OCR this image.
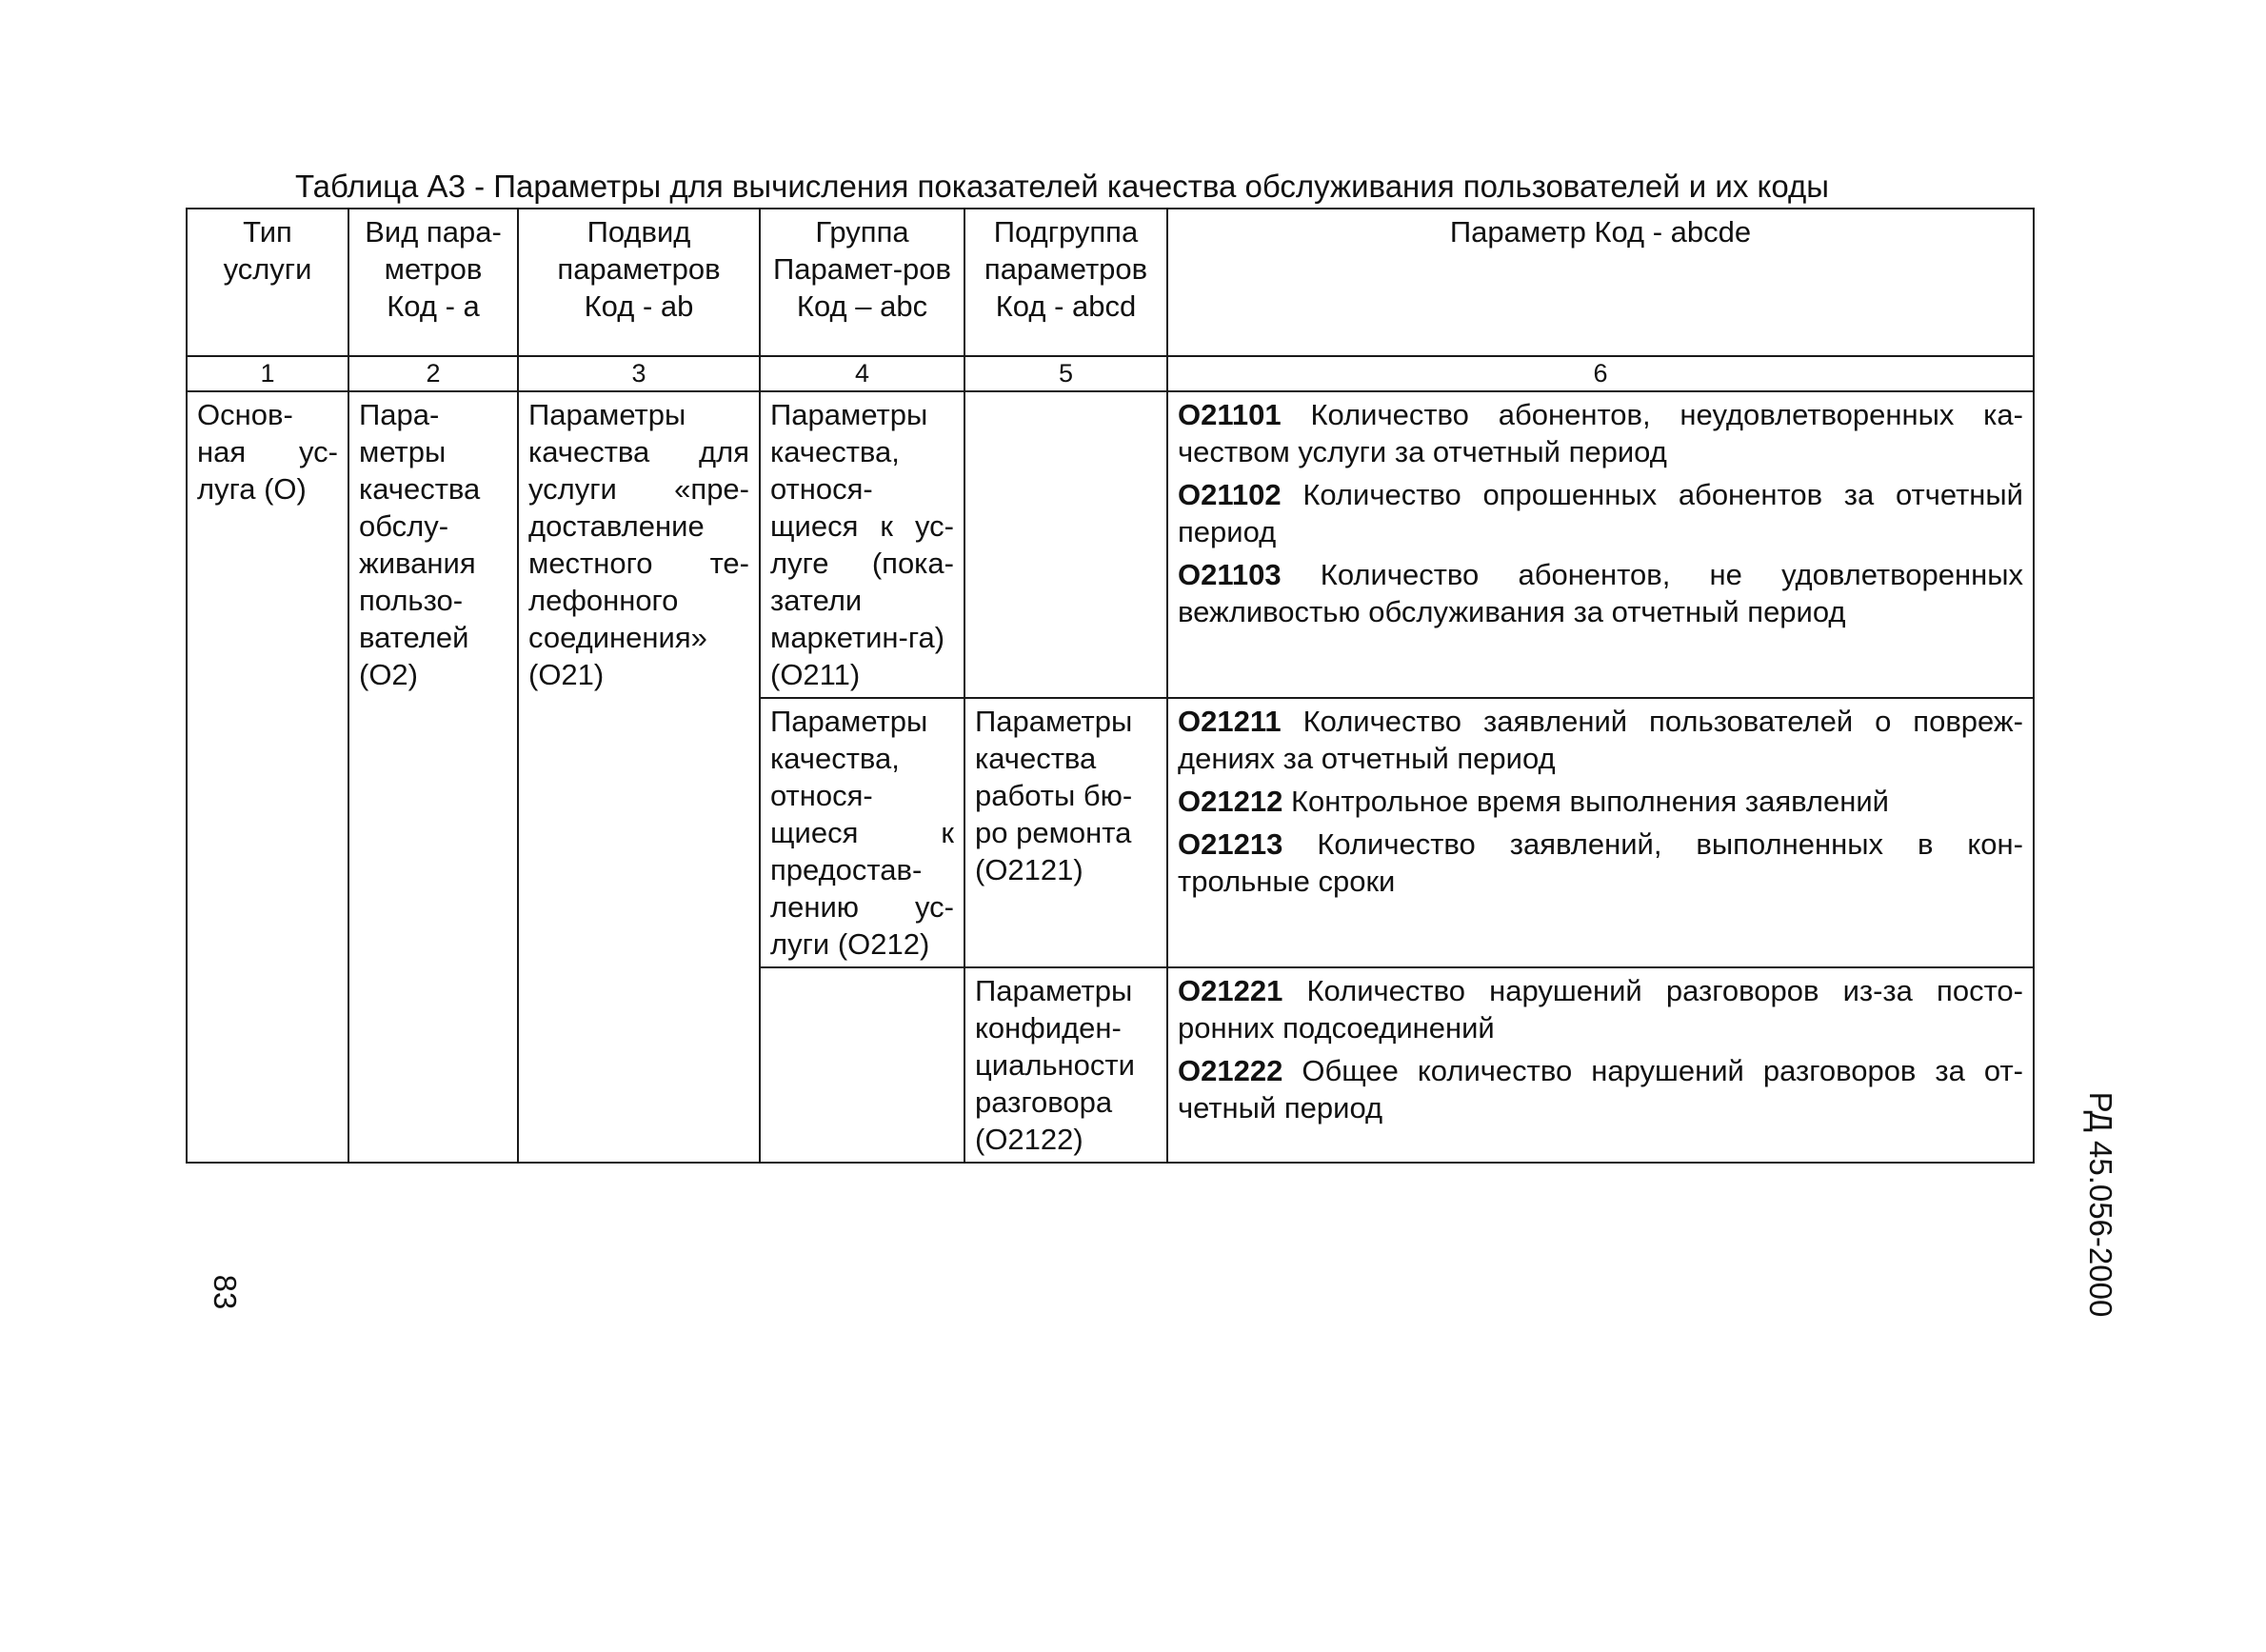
Таблица А3 - Параметры для вычисления показателей качества обслуживания пользователей и их коды
Тип услуги	Вид пара-метров Код - a	Подвид параметров Код - ab	Группа Парамет-ров Код – abc	Подгруппа параметров Код - abcd	Параметр Код - abcde
1	2	3	4	5	6
Основ-ная ус-луга (О)	Пара-метры качества обслу-живания пользо-вателей (О2)	Параметры качества для услуги «пре-доставление местного те-лефонного соединения» (О21)	Параметры качества, относя-щиеся к ус-луге (пока-затели маркетин-га) (О211)		О21101 Количество абонентов, неудовлетворенных ка-чеством услуги за отчетный период
О21102 Количество опрошенных абонентов за отчетный период
О21103 Количество абонентов, не удовлетворенных вежливостью обслуживания за отчетный период

			Параметры качества, относя-щиеся к предостав-лению ус-луги (О212)	Параметры качества работы бю-ро ремонта (О2121)	О21211 Количество заявлений пользователей о повреж-дениях за отчетный период
О21212 Контрольное время выполнения заявлений
О21213 Количество заявлений, выполненных в кон-трольные сроки

				Параметры конфиден-циальности разговора (О2122)	О21221 Количество нарушений разговоров из-за посто-ронних подсоединений
О21222 Общее количество нарушений разговоров за от-четный период	РД 45.056-2000
83
